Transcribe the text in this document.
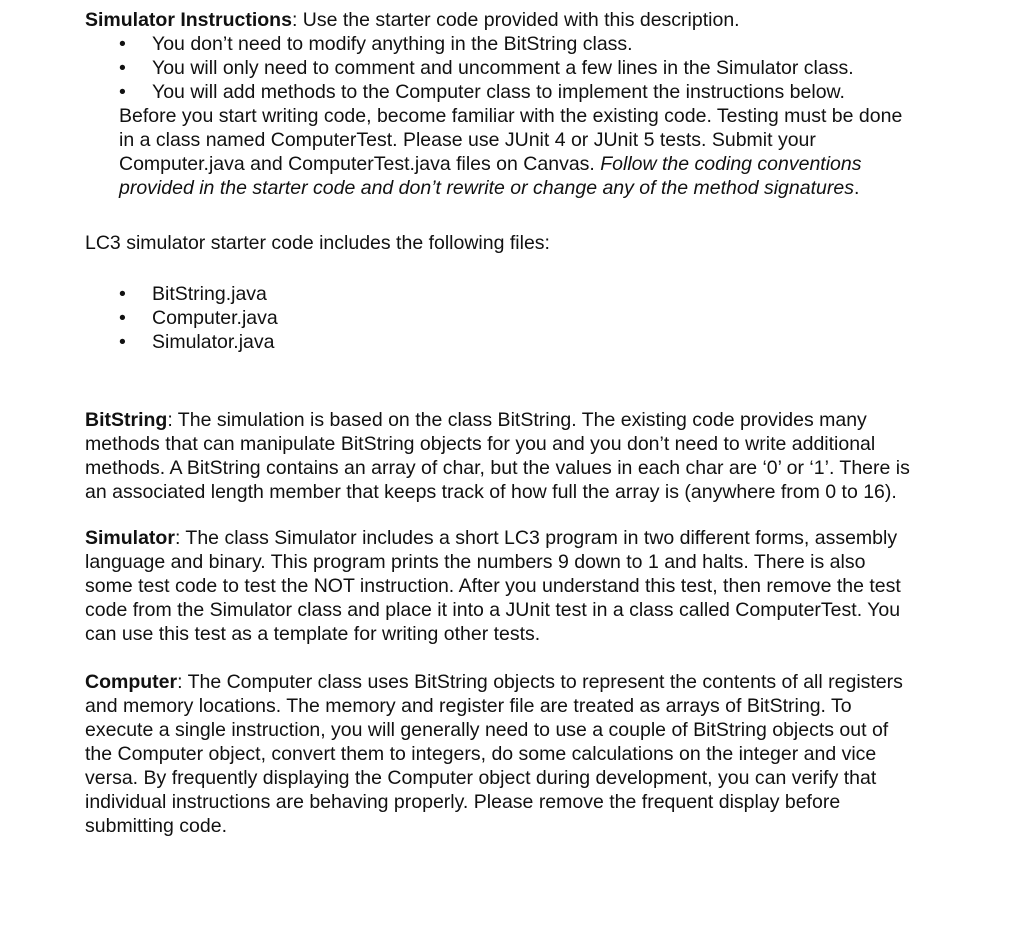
Simulator Instructions: Use the starter code provided with this description.
• You don’t need to modify anything in the BitString class.
• You will only need to comment and uncomment a few lines in the Simulator class.
• You will add methods to the Computer class to implement the instructions below.

Before you start writing code, become familiar with the existing code. Testing must be done

in a class named ComputerTest. Please use JUnit 4 or JUnit 5 tests. Submit your

Computer.java and ComputerTest.java files on Canvas. Follow the coding conventions

provided in the starter code and don’t rewrite or change any of the method signatures.

LC3 simulator starter code includes the following files:
• BitString.java
• Computer.java
• Simulator.java

BitString: The simulation is based on the class BitString. The existing code provides many

methods that can manipulate BitString objects for you and you don’t need to write additional

methods. A BitString contains an array of char, but the values in each char are ‘0’ or ‘1’. There is

an associated length member that keeps track of how full the array is (anywhere from 0 to 16).

Simulator: The class Simulator includes a short LC3 program in two different forms, assembly

language and binary. This program prints the numbers 9 down to 1 and halts. There is also

some test code to test the NOT instruction. After you understand this test, then remove the test

code from the Simulator class and place it into a JUnit test in a class called ComputerTest. You

can use this test as a template for writing other tests.

Computer: The Computer class uses BitString objects to represent the contents of all registers

and memory locations. The memory and register file are treated as arrays of BitString. To

execute a single instruction, you will generally need to use a couple of BitString objects out of

the Computer object, convert them to integers, do some calculations on the integer and vice

versa. By frequently displaying the Computer object during development, you can verify that

individual instructions are behaving properly. Please remove the frequent display before

submitting code.
